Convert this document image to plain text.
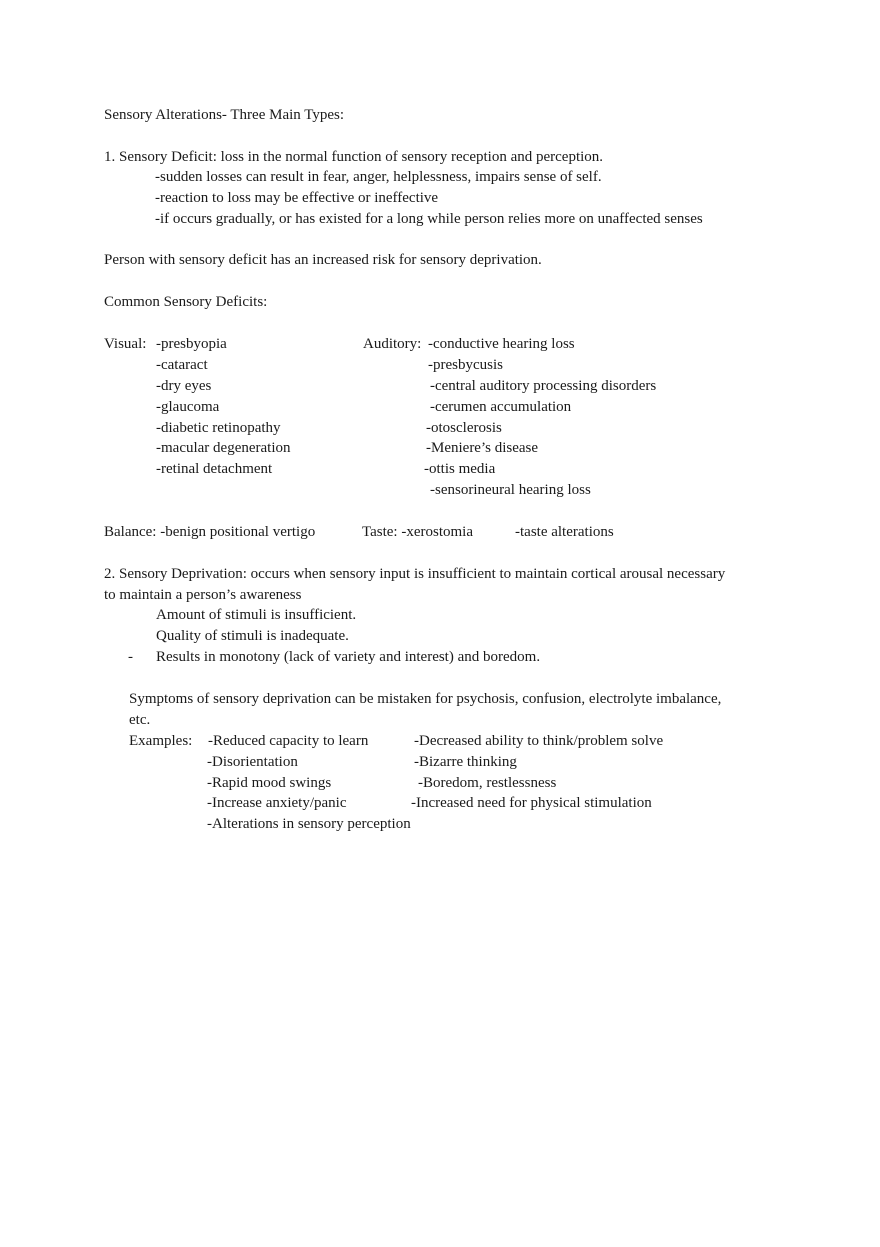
Sensory Alterations- Three Main Types:
1. Sensory Deficit: loss in the normal function of sensory reception and perception.
-sudden losses can result in fear, anger, helplessness, impairs sense of self.
-reaction to loss may be effective or ineffective
-if occurs gradually, or has existed for a long while person relies more on unaffected senses
Person with sensory deficit has an increased risk for sensory deprivation.
Common Sensory Deficits:
Visual: -presbyopia
-cataract
-dry eyes
-glaucoma
-diabetic retinopathy
-macular degeneration
-retinal detachment
Auditory: -conductive hearing loss
-presbycusis
-central auditory processing disorders
-cerumen accumulation
-otosclerosis
-Meniere’s disease
-ottis media
-sensorineural hearing loss
Balance: -benign positional vertigo	Taste: -xerostomia	-taste alterations
2. Sensory Deprivation: occurs when sensory input is insufficient to maintain cortical arousal necessary
to maintain a person’s awareness
Amount of stimuli is insufficient.
Quality of stimuli is inadequate.
- Results in monotony (lack of variety and interest) and boredom.
Symptoms of sensory deprivation can be mistaken for psychosis, confusion, electrolyte imbalance,
etc.
Examples: -Reduced capacity to learn
-Disorientation
-Rapid mood swings
-Increase anxiety/panic
-Alterations in sensory perception
-Decreased ability to think/problem solve
-Bizarre thinking
-Boredom, restlessness
-Increased need for physical stimulation
